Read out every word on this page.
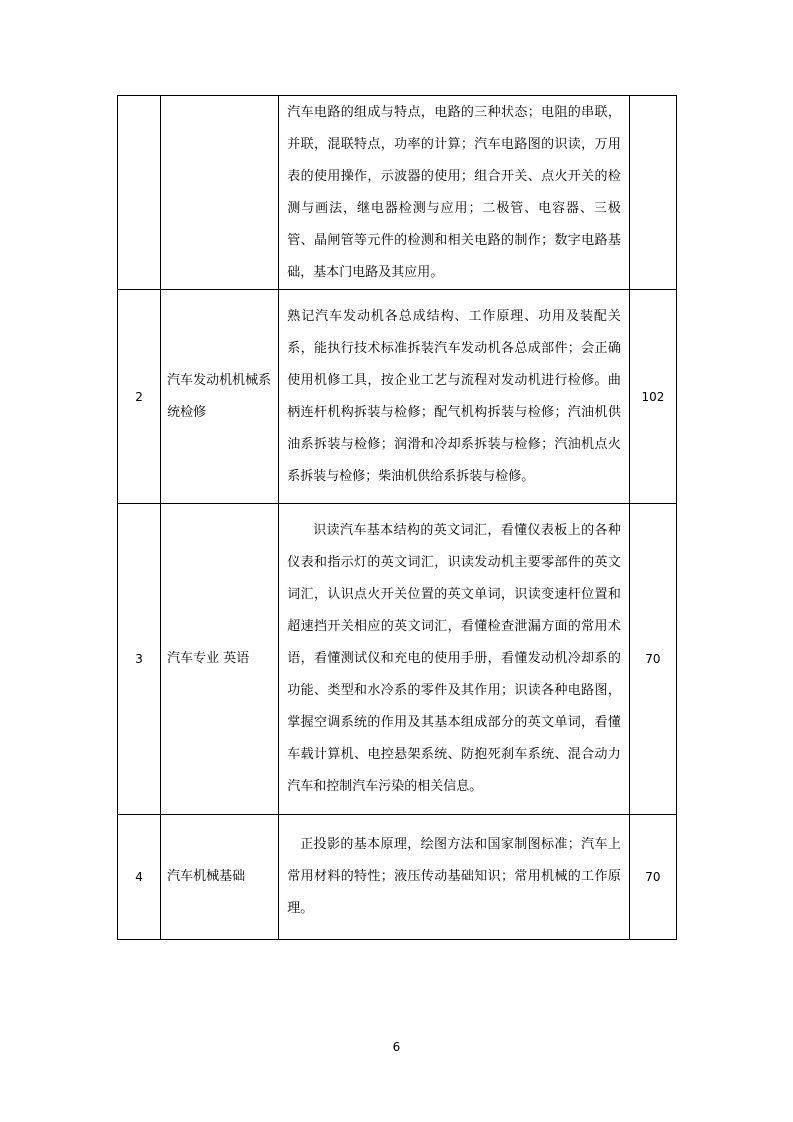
		汽车电路的组成与特点，电路的三种状态；电阻的串联，并联，混联特点，功率的计算；汽车电路图的识读，万用表的使用操作，示波器的使用；组合开关、点火开关的检测与画法，继电器检测与应用；二极管、电容器、三极管、晶闸管等元件的检测和相关电路的制作；数字电路基础，基本门电路及其应用。	

2	汽车发动机机械系统检修	熟记汽车发动机各总成结构、工作原理、功用及装配关系，能执行技术标准拆装汽车发动机各总成部件；会正确使用机修工具，按企业工艺与流程对发动机进行检修。曲柄连杆机构拆装与检修；配气机构拆装与检修；汽油机供油系拆装与检修；润滑和冷却系拆装与检修；汽油机点火系拆装与检修；柴油机供给系拆装与检修。	102
3	汽车专业 英语	识读汽车基本结构的英文词汇，看懂仪表板上的各种仪表和指示灯的英文词汇，识读发动机主要零部件的英文词汇，认识点火开关位置的英文单词，识读变速杆位置和超速挡开关相应的英文词汇，看懂检查泄漏方面的常用术语，看懂测试仪和充电的使用手册，看懂发动机冷却系的功能、类型和水冷系的零件及其作用；识读各种电路图，掌握空调系统的作用及其基本组成部分的英文单词，看懂车载计算机、电控悬架系统、防抱死刹车系统、混合动力汽车和控制汽车污染的相关信息。	70
4	汽车机械基础	正投影的基本原理，绘图方法和国家制图标准；汽车上常用材料的特性；液压传动基础知识；常用机械的工作原理。	70
6
